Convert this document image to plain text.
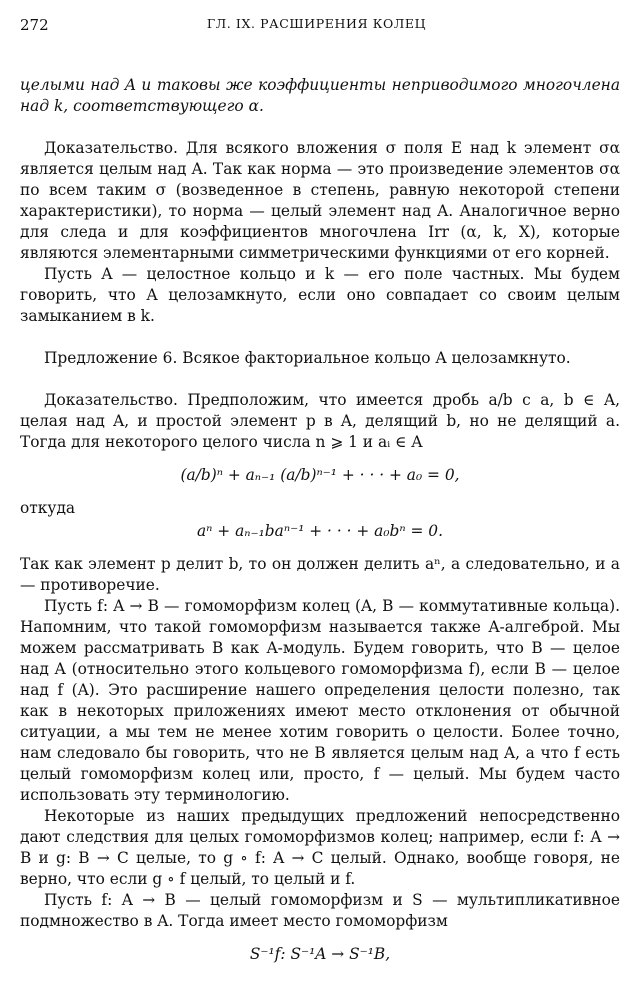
272	ГЛ. IX. РАСШИРЕНИЯ КОЛЕЦ

целыми над A и таковы же коэффициенты неприводимого многочлена над k, соответствующего α.

Доказательство. Для всякого вложения σ поля E над k элемент σα является целым над A. Так как норма — это произведение элементов σα по всем таким σ (возведенное в степень, равную некоторой степени характеристики), то норма — целый элемент над A. Аналогичное верно для следа и для коэффициентов многочлена Irr (α, k, X), которые являются элементарными симметрическими функциями от его корней.

Пусть A — целостное кольцо и k — его поле частных. Мы будем говорить, что A целозамкнуто, если оно совпадает со своим целым замыканием в k.

Предложение 6. Всякое факториальное кольцо A целозамкнуто.

Доказательство. Предположим, что имеется дробь a/b с a, b ∈ A, целая над A, и простой элемент p в A, делящий b, но не делящий a. Тогда для некоторого целого числа n ⩾ 1 и aᵢ ∈ A

(a/b)ⁿ + aₙ₋₁ (a/b)ⁿ⁻¹ + · · · + a₀ = 0,

откуда

aⁿ + aₙ₋₁baⁿ⁻¹ + · · · + a₀bⁿ = 0.

Так как элемент p делит b, то он должен делить aⁿ, а следовательно, и a — противоречие.

Пусть f: A → B — гомоморфизм колец (A, B — коммутативные кольца). Напомним, что такой гомоморфизм называется также A-алгеброй. Мы можем рассматривать B как A-модуль. Будем говорить, что B — целое над A (относительно этого кольцевого гомоморфизма f), если B — целое над f (A). Это расширение нашего определения целости полезно, так как в некоторых приложениях имеют место отклонения от обычной ситуации, а мы тем не менее хотим говорить о целости. Более точно, нам следовало бы говорить, что не B является целым над A, а что f есть целый гомоморфизм колец или, просто, f — целый. Мы будем часто использовать эту терминологию.

Некоторые из наших предыдущих предложений непосредственно дают следствия для целых гомоморфизмов колец; например, если f: A → B и g: B → C целые, то g ∘ f: A → C целый. Однако, вообще говоря, не верно, что если g ∘ f целый, то целый и f.

Пусть f: A → B — целый гомоморфизм и S — мультипликативное подмножество в A. Тогда имеет место гомоморфизм

S⁻¹f: S⁻¹A → S⁻¹B,
